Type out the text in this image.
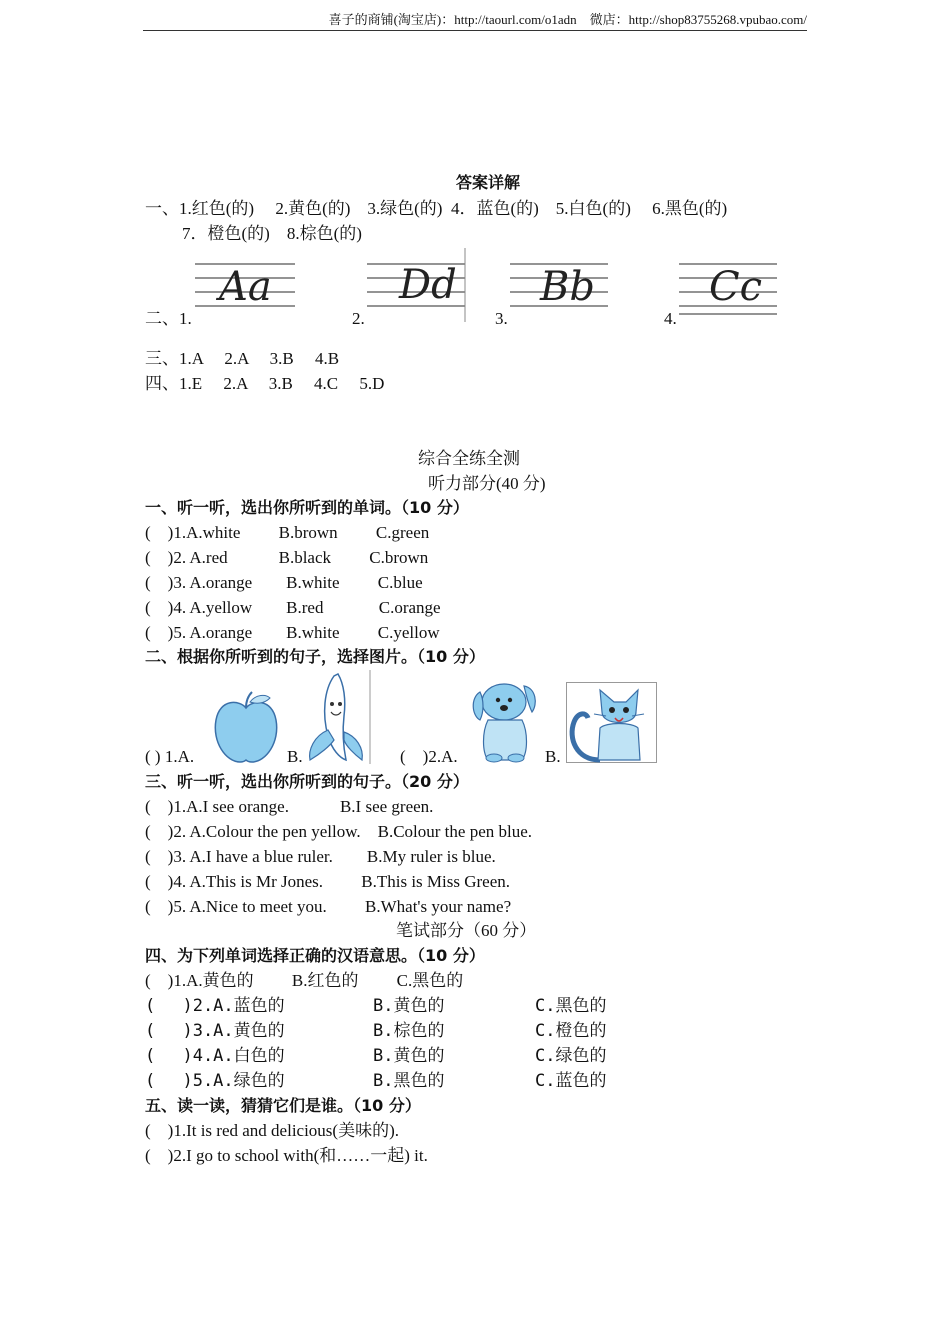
喜子的商铺(淘宝店)：http://taourl.com/o1adn　微店：http://shop83755268.vpubao.com/
答案详解
一、1.红色(的)　 2.黄色(的)　3.绿色(的)  4．蓝色(的)　5.白色(的)　 6.黑色(的)
7．橙色(的)　8.棕色(的)
二、1.
Aa
2.
Dd
3.
Bb
4.
Cc
三、1.A　 2.A　 3.B　 4.B
四、1.E　 2.A　 3.B　 4.C　 5.D
综合全练全测
听力部分(40 分)
一、听一听，选出你所听到的单词。（10 分）
(　)1.A.white　　 B.brown　　 C.green
(　)2. A.red　　　B.black　　 C.brown
(　)3. A.orange　　B.white　　 C.blue
(　)4. A.yellow　　B.red　　　 C.orange
(　)5. A.orange　　B.white　　 C.yellow
二、根据你所听到的句子，选择图片。（10 分）
( ) 1.A.	B.	(　)2.A.	B.
三、听一听，选出你所听到的句子。（20 分）
(　)1.A.I see orange.　　　B.I see green.
(　)2. A.Colour the pen yellow.　B.Colour the pen blue.
(　)3. A.I have a blue ruler.　　B.My ruler is blue.
(　)4. A.This is Mr Jones.　　 B.This is Miss Green.
(　)5. A.Nice to meet you.　　 B.What's your name?
笔试部分（60 分）
四、为下列单词选择正确的汉语意思。（10 分）
(　)1.A.黄色的　　 B.红色的　　 C.黑色的
(　 )2.A.蓝色的	B.黄色的	C.黑色的
(　 )3.A.黄色的	B.棕色的	C.橙色的
(　 )4.A.白色的	B.黄色的	C.绿色的
(　 )5.A.绿色的	B.黑色的	C.蓝色的
五、读一读，猜猜它们是谁。（10 分）
(　)1.It is red and delicious(美味的).
(　)2.I go to school with(和……一起) it.
